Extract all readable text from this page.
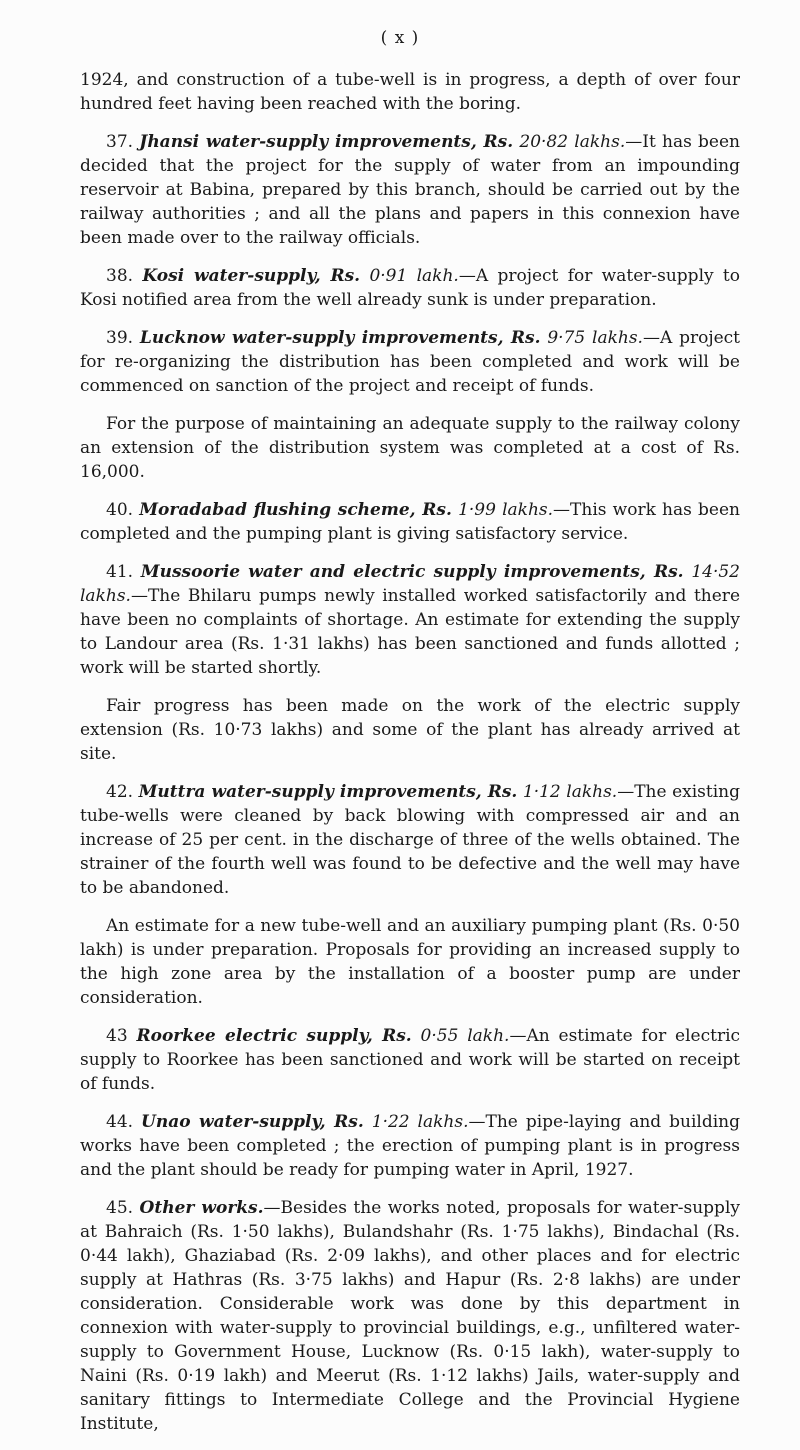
( x )

1924, and construction of a tube-well is in progress, a depth of over four hundred feet having been reached with the boring.

37. Jhansi water-supply improvements, Rs. 20·82 lakhs.—It has been decided that the project for the supply of water from an impounding reservoir at Babina, prepared by this branch, should be carried out by the railway authorities ; and all the plans and papers in this connexion have been made over to the railway officials.

38. Kosi water-supply, Rs. 0·91 lakh.—A project for water-supply to Kosi notified area from the well already sunk is under preparation.

39. Lucknow water-supply improvements, Rs. 9·75 lakhs.—A project for re-organizing the distribution has been completed and work will be commenced on sanction of the project and receipt of funds.

For the purpose of maintaining an adequate supply to the railway colony an extension of the distribution system was completed at a cost of Rs. 16,000.

40. Moradabad flushing scheme, Rs. 1·99 lakhs.—This work has been completed and the pumping plant is giving satisfactory service.

41. Mussoorie water and electric supply improvements, Rs. 14·52 lakhs.—The Bhilaru pumps newly installed worked satisfactorily and there have been no complaints of shortage. An estimate for extending the supply to Landour area (Rs. 1·31 lakhs) has been sanctioned and funds allotted ; work will be started shortly.

Fair progress has been made on the work of the electric supply extension (Rs. 10·73 lakhs) and some of the plant has already arrived at site.

42. Muttra water-supply improvements, Rs. 1·12 lakhs.—The existing tube-wells were cleaned by back blowing with compressed air and an increase of 25 per cent. in the discharge of three of the wells obtained. The strainer of the fourth well was found to be defective and the well may have to be abandoned.

An estimate for a new tube-well and an auxiliary pumping plant (Rs. 0·50 lakh) is under preparation. Proposals for providing an increased supply to the high zone area by the installation of a booster pump are under consideration.

43 Roorkee electric supply, Rs. 0·55 lakh.—An estimate for electric supply to Roorkee has been sanctioned and work will be started on receipt of funds.

44. Unao water-supply, Rs. 1·22 lakhs.—The pipe-laying and building works have been completed ; the erection of pumping plant is in progress and the plant should be ready for pumping water in April, 1927.

45. Other works.—Besides the works noted, proposals for water-supply at Bahraich (Rs. 1·50 lakhs), Bulandshahr (Rs. 1·75 lakhs), Bindachal (Rs. 0·44 lakh), Ghaziabad (Rs. 2·09 lakhs), and other places and for electric supply at Hathras (Rs. 3·75 lakhs) and Hapur (Rs. 2·8 lakhs) are under consideration. Considerable work was done by this department in connexion with water-supply to provincial buildings, e.g., unfiltered water-supply to Government House, Lucknow (Rs. 0·15 lakh), water-supply to Naini (Rs. 0·19 lakh) and Meerut (Rs. 1·12 lakhs) Jails, water-supply and sanitary fittings to Intermediate College and the Provincial Hygiene Institute,
